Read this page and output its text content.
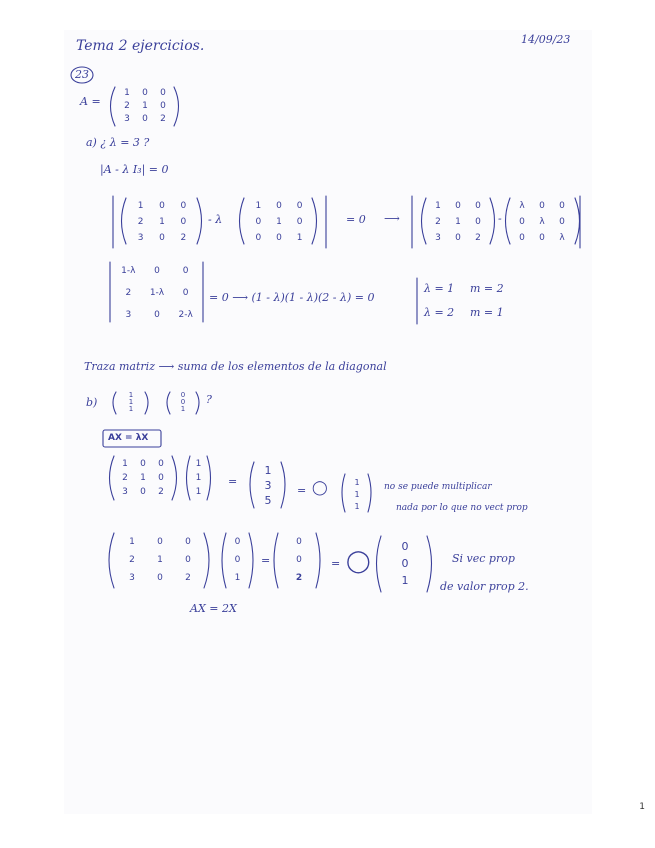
Tema 2 ejercicios.	14/09/23
23
A =
1	0	0
2	1	0
3	0	2
a) ¿ λ = 3 ?
|A - λ I₃| = 0
1	0	0
2	1	0
3	0	2
- λ
1	0	0
0	1	0
0	0	1
= 0 ⟶
1	0	0
2	1	0
3	0	2
-
λ	0	0
0	λ	0
0	0	λ
1-λ	0	0
2	1-λ	0
3	0	2-λ
= 0 ⟶ (1 - λ)(1 - λ)(2 - λ) = 0
λ = 1 m = 2
λ = 2 m = 1
Traza matriz ⟶ suma de los elementos de la diagonal
b)
1
1
1
0
0
1
?
AX = λX
1	0	0
2	1	0
3	0	2
1
1
1
=
1
3
5
= ◯	1
1
1
no se puede multiplicar
nada por lo que no vect prop
1	0	0
2	1	0
3	0	2
0
0
1
=
0
0
2
= ◯
0
0
1
Si vec prop
de valor prop 2.
AX = 2X
1
